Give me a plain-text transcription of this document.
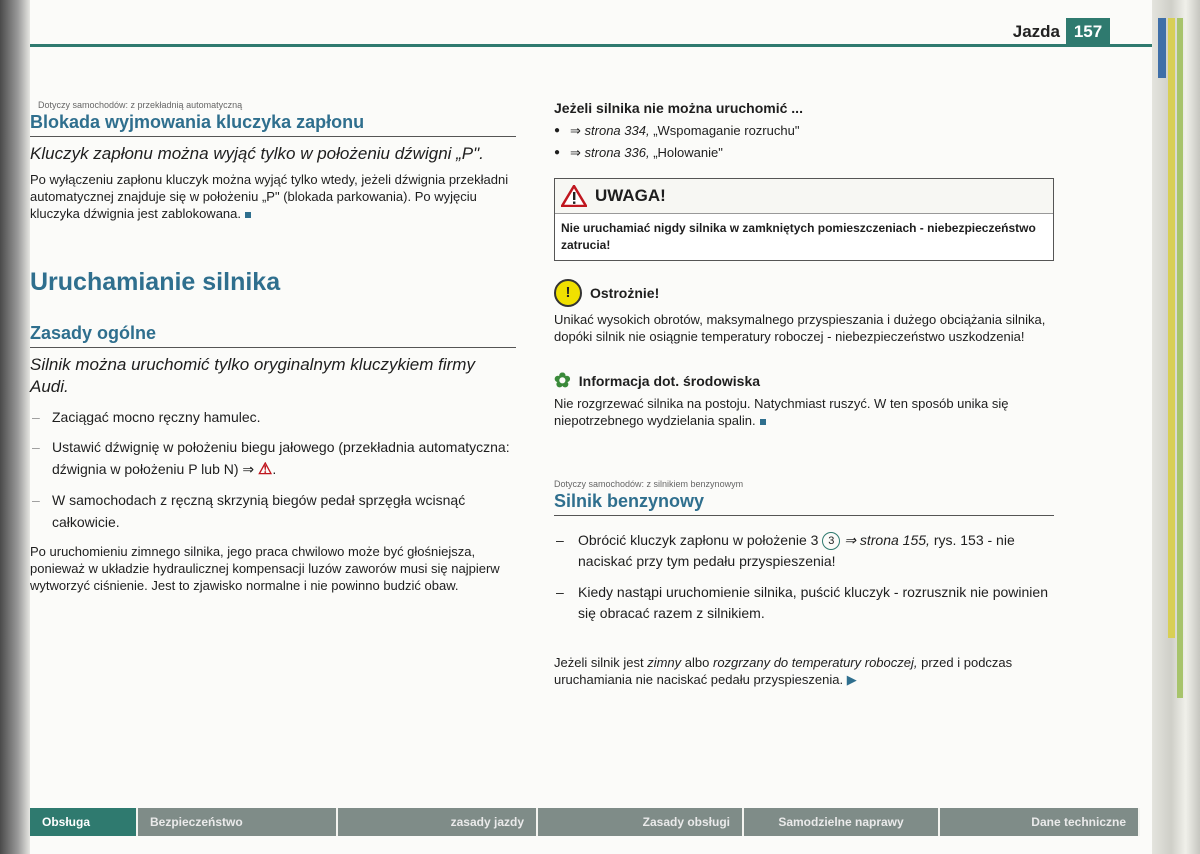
Jazda 157
Dotyczy samochodów: z przekładnią automatyczną
Blokada wyjmowania kluczyka zapłonu

Kluczyk zapłonu można wyjąć tylko w położeniu dźwigni „P".

Po wyłączeniu zapłonu kluczyk można wyjąć tylko wtedy, jeżeli dźwignia przekładni automatycznej znajduje się w położeniu „P" (blokada parkowania). Po wyjęciu kluczyka dźwignia jest zablokowana.

Uruchamianie silnika
Zasady ogólne

Silnik można uruchomić tylko oryginalnym kluczykiem firmy Audi.

– Zaciągać mocno ręczny hamulec.
– Ustawić dźwignię w położeniu biegu jałowego (przekładnia automatyczna: dźwignia w położeniu P lub N) ⇒ ⚠.
– W samochodach z ręczną skrzynią biegów pedał sprzęgła wcisnąć całkowicie.

Po uruchomieniu zimnego silnika, jego praca chwilowo może być głośniejsza, ponieważ w układzie hydraulicznej kompensacji luzów zaworów musi się najpierw wytworzyć ciśnienie. Jest to zjawisko normalne i nie powinno budzić obaw.

Jeżeli silnika nie można uruchomić ...
● ⇒ strona 334, „Wspomaganie rozruchu"
● ⇒ strona 336, „Holowanie"
UWAGA!
Nie uruchamiać nigdy silnika w zamkniętych pomieszczeniach - niebezpieczeństwo zatrucia!
!	Ostrożnie!

Unikać wysokich obrotów, maksymalnego przyspieszania i dużego obciążania silnika, dopóki silnik nie osiągnie temperatury roboczej - niebezpieczeństwo uszkodzenia!

✿ Informacja dot. środowiska

Nie rozgrzewać silnika na postoju. Natychmiast ruszyć. W ten sposób unika się niepotrzebnego wydzielania spalin.

Dotyczy samochodów: z silnikiem benzynowym
Silnik benzynowy
– Obrócić kluczyk zapłonu w położenie 3 3 ⇒ strona 155, rys. 153 - nie naciskać przy tym pedału przyspieszenia!
– Kiedy nastąpi uruchomienie silnika, puścić kluczyk - rozrusznik nie powinien się obracać razem z silnikiem.

Jeżeli silnik jest zimny albo rozgrzany do temperatury roboczej, przed i podczas uruchamiania nie naciskać pedału przyspieszenia. ▶

Obsługa	Bezpieczeństwo	zasady jazdy	Zasady obsługi	Samodzielne naprawy	Dane techniczne
